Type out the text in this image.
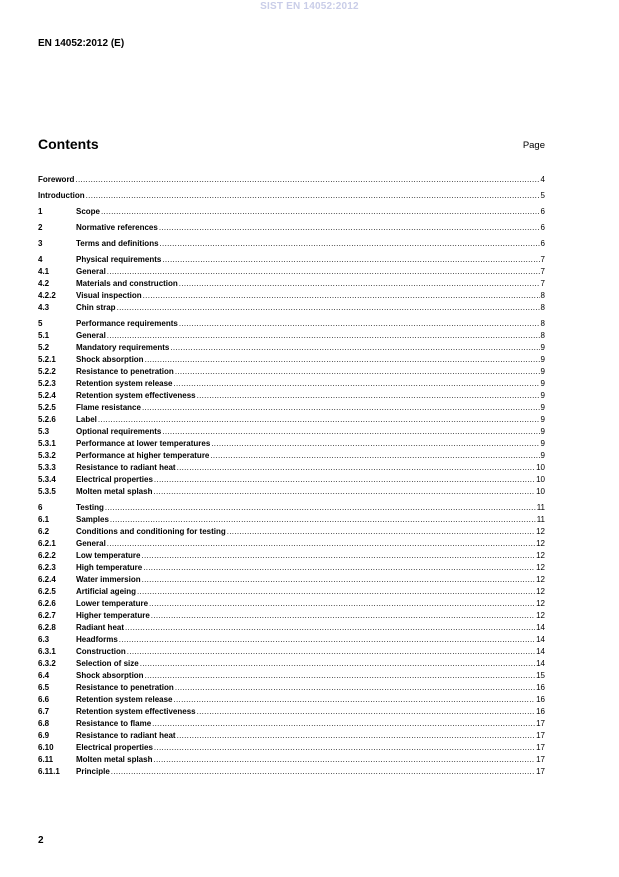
SIST EN 14052:2012
EN 14052:2012 (E)
Contents	Page
Foreword .....	4
Introduction .....	5
1	Scope .....	6
2	Normative references .....	6
3	Terms and definitions .....	6
4	Physical requirements .....	7
4.1	General .....	7
4.2	Materials and construction .....	7
4.2.2	Visual inspection .....	8
4.3	Chin strap .....	8
5	Performance requirements .....	8
5.1	General .....	8
5.2	Mandatory requirements .....	9
5.2.1	Shock absorption .....	9
5.2.2	Resistance to penetration .....	9
5.2.3	Retention system release .....	9
5.2.4	Retention system effectiveness .....	9
5.2.5	Flame resistance .....	9
5.2.6	Label .....	9
5.3	Optional requirements .....	9
5.3.1	Performance at lower temperatures .....	9
5.3.2	Performance at higher temperature .....	9
5.3.3	Resistance to radiant heat .....	10
5.3.4	Electrical properties .....	10
5.3.5	Molten metal splash .....	10
6	Testing .....	11
6.1	Samples .....	11
6.2	Conditions and conditioning for testing .....	12
6.2.1	General .....	12
6.2.2	Low temperature .....	12
6.2.3	High temperature .....	12
6.2.4	Water immersion .....	12
6.2.5	Artificial ageing .....	12
6.2.6	Lower temperature .....	12
6.2.7	Higher temperature .....	12
6.2.8	Radiant heat .....	14
6.3	Headforms .....	14
6.3.1	Construction .....	14
6.3.2	Selection of size .....	14
6.4	Shock absorption .....	15
6.5	Resistance to penetration .....	16
6.6	Retention system release .....	16
6.7	Retention system effectiveness .....	16
6.8	Resistance to flame .....	17
6.9	Resistance to radiant heat .....	17
6.10	Electrical properties .....	17
6.11	Molten metal splash .....	17
6.11.1	Principle .....	17
2
